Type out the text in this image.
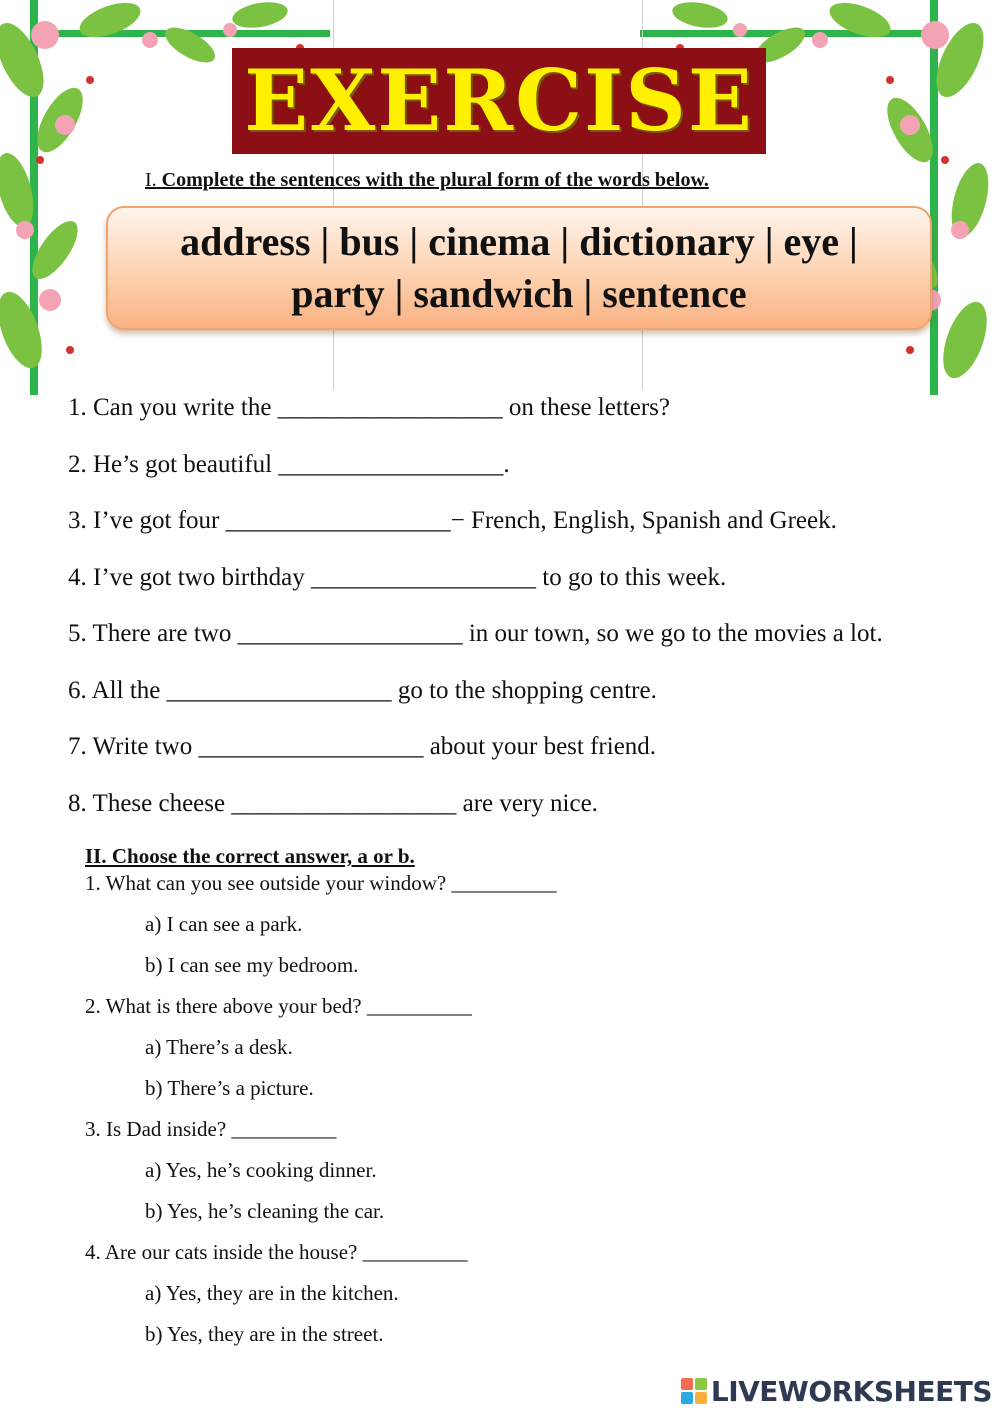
EXERCISE
I. Complete the sentences with the plural form of the words below.
address | bus | cinema | dictionary | eye | party | sandwich | sentence
1. Can you write the __________________ on these letters?
2. He’s got beautiful __________________.
3. I’ve got four __________________− French, English, Spanish and Greek.
4. I’ve got two birthday __________________ to go to this week.
5. There are two __________________ in our town, so we go to the movies a lot.
6. All the __________________ go to the shopping centre.
7. Write two __________________ about your best friend.
8. These cheese __________________ are very nice.
II. Choose the correct answer, a or b.
1. What can you see outside your window? __________
a) I can see a park.
b) I can see my bedroom.
2. What is there above your bed? __________
a) There’s a desk.
b) There’s a picture.
3. Is Dad inside? __________
a) Yes, he’s cooking dinner.
b) Yes, he’s cleaning the car.
4. Are our cats inside the house? __________
a) Yes, they are in the kitchen.
b) Yes, they are in the street.
LIVEWORKSHEETS
